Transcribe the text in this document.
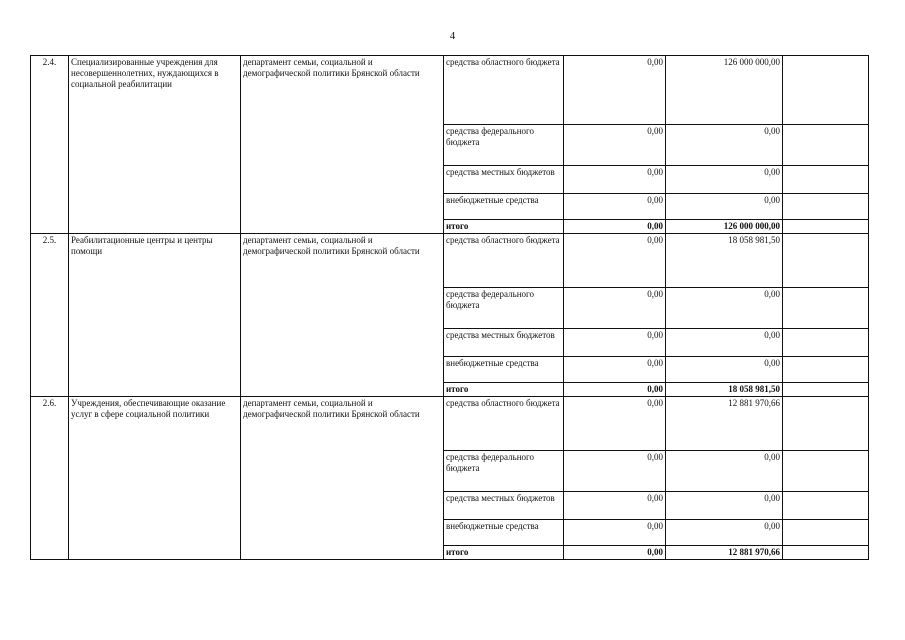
4
2.4.	Специализированные учреждения для несовершеннолетних, нуждающихся в социальной реабилитации	департамент семьи, социальной и демографической политики Брянской области	средства областного бюджета	0,00	126 000 000,00	
			средства федерального бюджета	0,00	0,00	
			средства местных бюджетов	0,00	0,00	
			внебюджетные средства	0,00	0,00	
			итого	0,00	126 000 000,00	
2.5.	Реабилитационные центры и центры помощи	департамент семьи, социальной и демографической политики Брянской области	средства областного бюджета	0,00	18 058 981,50	
			средства федерального бюджета	0,00	0,00	
			средства местных бюджетов	0,00	0,00	
			внебюджетные средства	0,00	0,00	
			итого	0,00	18 058 981,50	
2.6.	Учреждения, обеспечивающие оказание услуг в сфере социальной политики	департамент семьи, социальной и демографической политики Брянской области	средства областного бюджета	0,00	12 881 970,66	
			средства федерального бюджета	0,00	0,00	
			средства местных бюджетов	0,00	0,00	
			внебюджетные средства	0,00	0,00	
			итого	0,00	12 881 970,66	
